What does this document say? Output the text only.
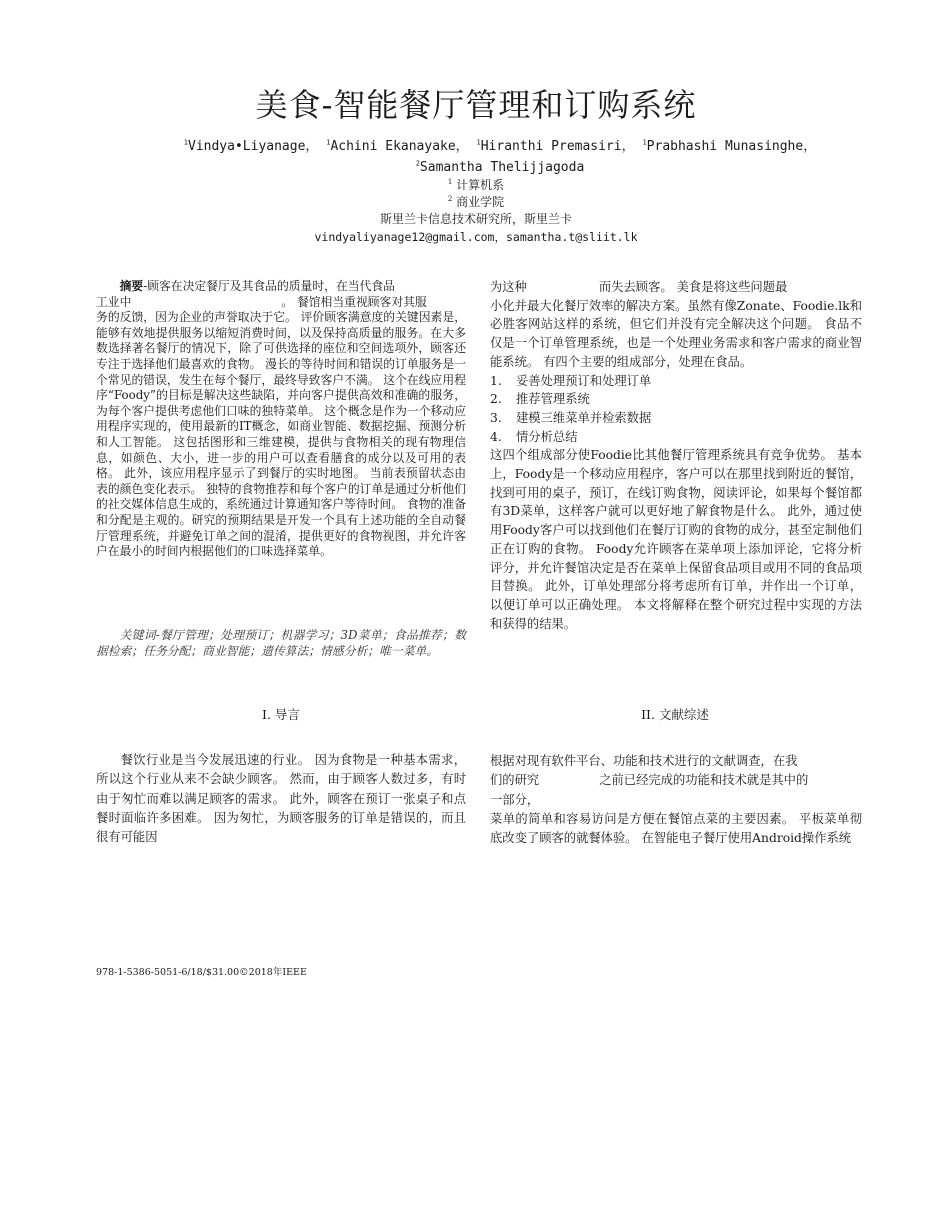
美食-智能餐厅管理和订购系统
$^1$Vindya•Liyanage， $^1$Achini Ekanayake， $^1$Hiranthi Premasiri， $^1$Prabhashi Munasinghe，
$^2$Samantha Thelijjagoda
$^1$ 计算机系
$^2$ 商业学院
斯里兰卡信息技术研究所，斯里兰卡
vindyaliyanage12@gmail.com，samantha.t@sliit.lk

摘要-顾客在决定餐厅及其食品的质量时，在当代食品

工业中	。 餐馆相当重视顾客对其服

务的反馈，因为企业的声誉取决于它。 评价顾客满意度的关键因素是，能够有效地提供服务以缩短消费时间，以及保持高质量的服务。在大多数选择著名餐厅的情况下，除了可供选择的座位和空间选项外，顾客还专注于选择他们最喜欢的食物。 漫长的等待时间和错误的订单服务是一个常见的错误，发生在每个餐厅，最终导致客户不满。 这个在线应用程序“Foody”的目标是解决这些缺陷，并向客户提供高效和准确的服务，为每个客户提供考虑他们口味的独特菜单。 这个概念是作为一个移动应用程序实现的，使用最新的IT概念，如商业智能、数据挖掘、预测分析和人工智能。 这包括图形和三维建模，提供与食物相关的现有物理信息，如颜色、大小，进一步的用户可以查看膳食的成分以及可用的表格。 此外，该应用程序显示了到餐厅的实时地图。 当前表预留状态由表的颜色变化表示。 独特的食物推荐和每个客户的订单是通过分析他们的社交媒体信息生成的，系统通过计算通知客户等待时间。 食物的准备和分配是主观的。研究的预期结果是开发一个具有上述功能的全自动餐厅管理系统，并避免订单之间的混淆，提供更好的食物视图，并允许客户在最小的时间内根据他们的口味选择菜单。

关键词-餐厅管理；处理预订；机器学习；3D菜单；食品推荐；数据检索；任务分配；商业智能；遗传算法；情感分析；唯一菜单。

为这种	而失去顾客。 美食是将这些问题最

小化并最大化餐厅效率的解决方案。虽然有像Zonate、Foodie.lk和必胜客网站这样的系统，但它们并没有完全解决这个问题。 食品不仅是一个订单管理系统，也是一个处理业务需求和客户需求的商业智能系统。 有四个主要的组成部分，处理在食品。

1.	妥善处理预订和处理订单
2.	推荐管理系统
3.	建模三维菜单并检索数据
4.	情分析总结

这四个组成部分使Foodie比其他餐厅管理系统具有竞争优势。 基本上，Foody是一个移动应用程序，客户可以在那里找到附近的餐馆，找到可用的桌子，预订，在线订购食物，阅读评论，如果每个餐馆都有3D菜单，这样客户就可以更好地了解食物是什么。 此外，通过使用Foody客户可以找到他们在餐厅订购的食物的成分，甚至定制他们正在订购的食物。 Foody允许顾客在菜单项上添加评论，它将分析评分，并允许餐馆决定是否在菜单上保留食品项目或用不同的食品项目替换。 此外，订单处理部分将考虑所有订单，并作出一个订单，以便订单可以正确处理。 本文将解释在整个研究过程中实现的方法和获得的结果。

I. 导言	II. 文献综述

餐饮行业是当今发展迅速的行业。 因为食物是一种基本需求，所以这个行业从来不会缺少顾客。 然而，由于顾客人数过多，有时由于匆忙而难以满足顾客的需求。 此外，顾客在预订一张桌子和点餐时面临许多困难。 因为匆忙，为顾客服务的订单是错误的，而且很有可能因

根据对现有软件平台、功能和技术进行的文献调查，在我

们的研究	之前已经完成的功能和技术就是其中的

一部分，

菜单的简单和容易访问是方便在餐馆点菜的主要因素。 平板菜单彻底改变了顾客的就餐体验。 在智能电子餐厅使用Android操作系统

978-1-5386-5051-6/18/$31.00©2018年IEEE
